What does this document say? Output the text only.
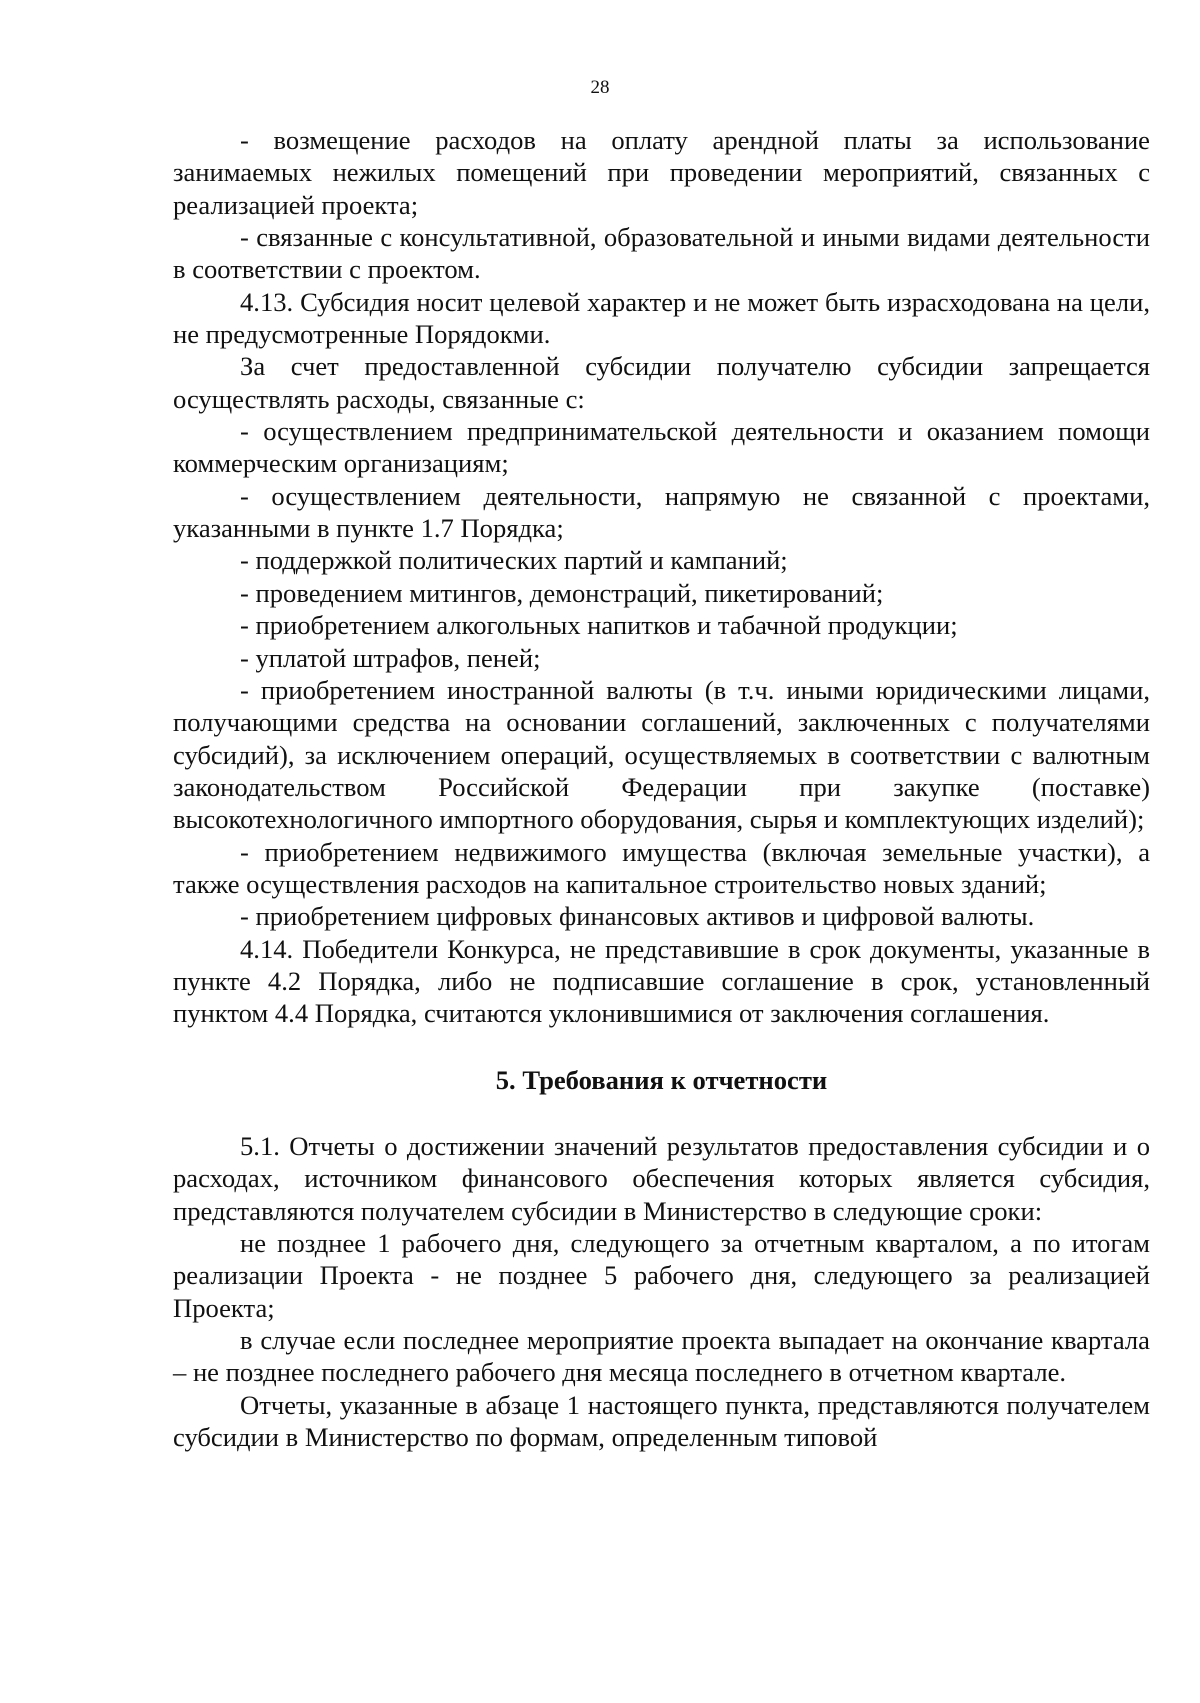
28

- возмещение расходов на оплату арендной платы за использование занимаемых нежилых помещений при проведении мероприятий, связанных с реализацией проекта;

- связанные с консультативной, образовательной и иными видами деятельности в соответствии с проектом.

4.13. Субсидия носит целевой характер и не может быть израсходована на цели, не предусмотренные Порядокми.

За счет предоставленной субсидии получателю субсидии запрещается осуществлять расходы, связанные с:

- осуществлением предпринимательской деятельности и оказанием помощи коммерческим организациям;

- осуществлением деятельности, напрямую не связанной с проектами, указанными в пункте 1.7 Порядка;

- поддержкой политических партий и кампаний;

- проведением митингов, демонстраций, пикетирований;

- приобретением алкогольных напитков и табачной продукции;

- уплатой штрафов, пеней;

- приобретением иностранной валюты (в т.ч. иными юридическими лицами, получающими средства на основании соглашений, заключенных с получателями субсидий), за исключением операций, осуществляемых в соответствии с валютным законодательством Российской Федерации при закупке (поставке) высокотехнологичного импортного оборудования, сырья и комплектующих изделий);

- приобретением недвижимого имущества (включая земельные участки), а также осуществления расходов на капитальное строительство новых зданий;

- приобретением цифровых финансовых активов и цифровой валюты.

4.14. Победители Конкурса, не представившие в срок документы, указанные в пункте 4.2 Порядка, либо не подписавшие соглашение в срок, установленный пунктом 4.4 Порядка, считаются уклонившимися от заключения соглашения.

5. Требования к отчетности

5.1. Отчеты о достижении значений результатов предоставления субсидии и о расходах, источником финансового обеспечения которых является субсидия, представляются получателем субсидии в Министерство в следующие сроки:

не позднее 1 рабочего дня, следующего за отчетным кварталом, а по итогам реализации Проекта - не позднее 5 рабочего дня, следующего за реализацией Проекта;

в случае если последнее мероприятие проекта выпадает на окончание квартала – не позднее последнего рабочего дня месяца последнего в отчетном квартале.

Отчеты, указанные в абзаце 1 настоящего пункта, представляются получателем субсидии в Министерство по формам, определенным типовой
